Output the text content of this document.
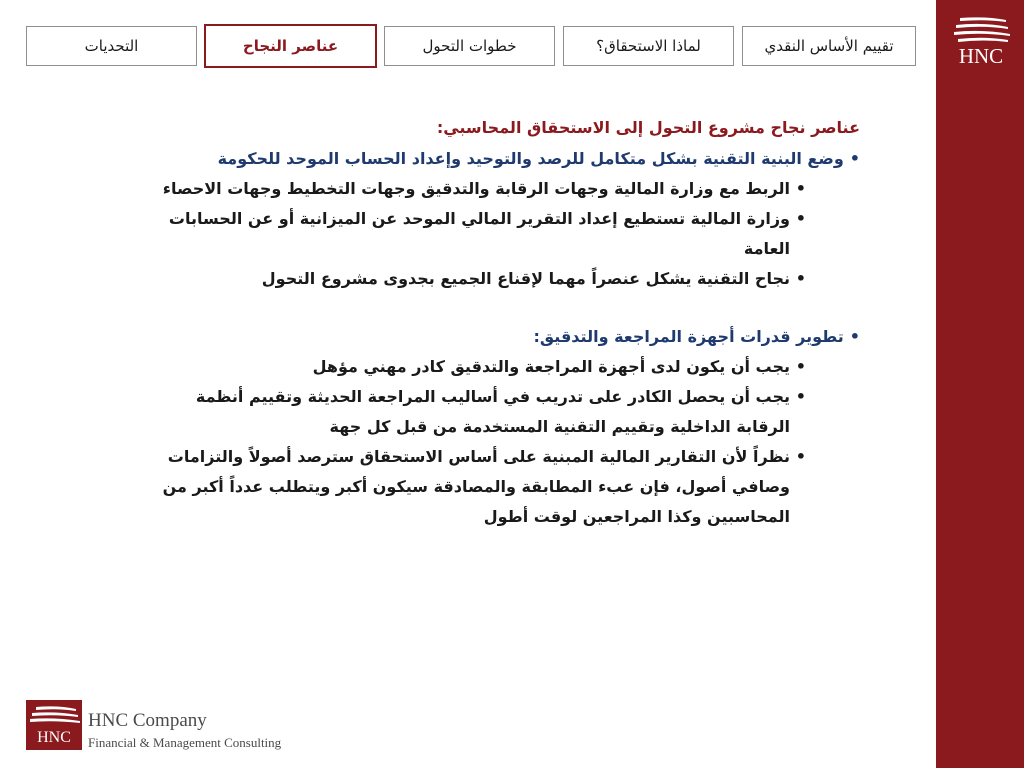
HNC
تقييم الأساس النقدي
لماذا الاستحقاق؟
خطوات التحول
عناصر النجاح
التحديات

عناصر نجاح مشروع التحول إلى الاستحقاق المحاسبي:

•وضع البنية التقنية بشكل متكامل للرصد والتوحيد وإعداد الحساب الموحد للحكومة

•
الربط مع وزارة المالية وجهات الرقابة والتدقيق وجهات التخطيط وجهات الاحصاء
•
وزارة المالية تستطيع إعداد التقرير المالي الموحد عن الميزانية أو عن الحسابات العامة
•
نجاح التقنية يشكل عنصراً مهما لإقناع الجميع بجدوى مشروع التحول

•تطوير قدرات أجهزة المراجعة والتدقيق:

•
يجب أن يكون لدى أجهزة المراجعة والتدقيق كادر مهني مؤهل
•
يجب أن يحصل الكادر على تدريب في أساليب المراجعة الحديثة وتقييم أنظمة الرقابة الداخلية وتقييم التقنية المستخدمة من قبل كل جهة
•
نظراً لأن التقارير المالية المبنية على أساس الاستحقاق سترصد أصولاً والتزامات وصافي أصول، فإن عبء المطابقة والمصادقة سيكون أكبر ويتطلب عدداً أكبر من المحاسبين وكذا المراجعين لوقت أطول
HNC
HNC Company
Financial & Management Consulting
